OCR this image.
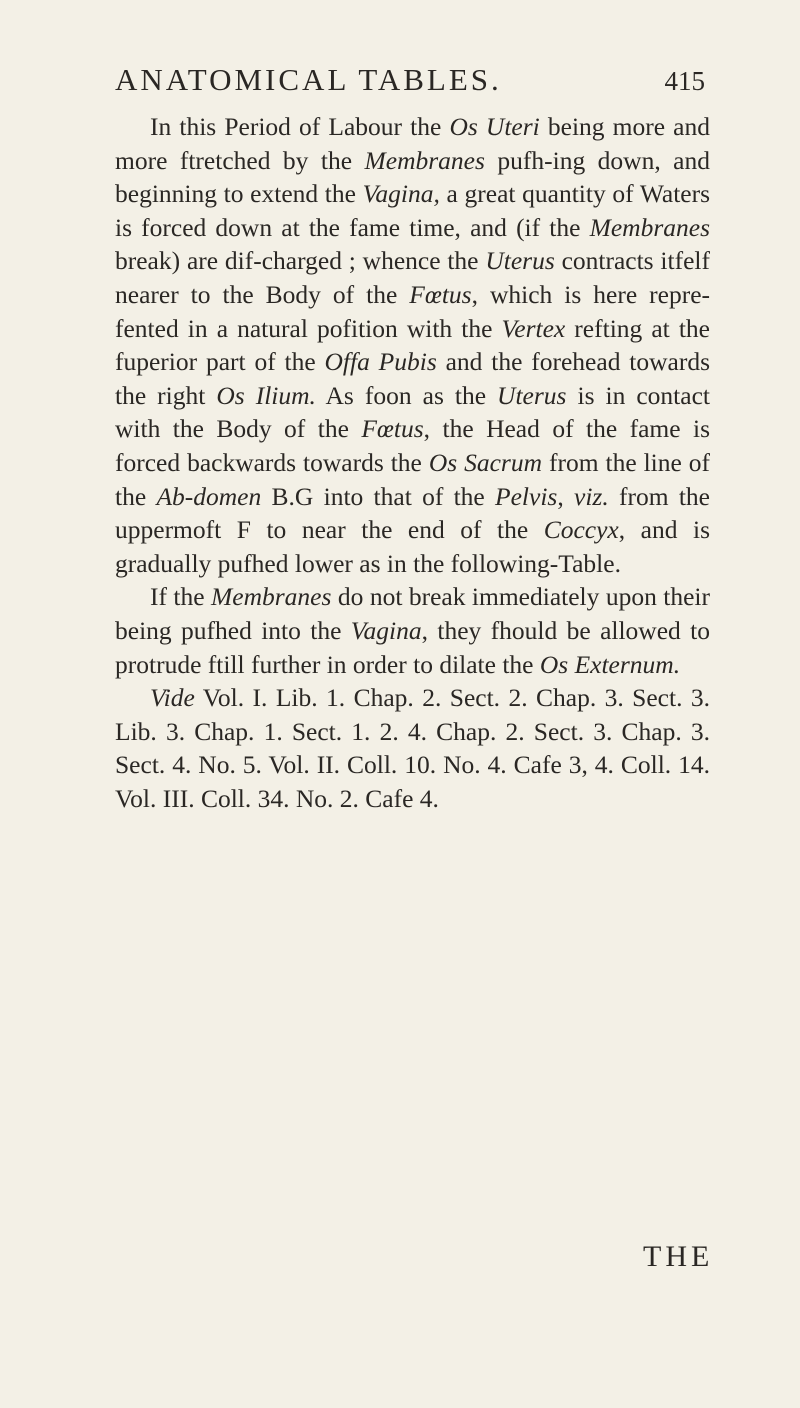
ANATOMICAL TABLES.	415

In this Period of Labour the Os Uteri being more and more ftretched by the Membranes pufh-ing down, and beginning to extend the Vagina, a great quantity of Waters is forced down at the fame time, and (if the Membranes break) are dif-charged ; whence the Uterus contracts itfelf nearer to the Body of the Fœtus, which is here repre-fented in a natural pofition with the Vertex refting at the fuperior part of the Offa Pubis and the forehead towards the right Os Ilium. As foon as the Uterus is in contact with the Body of the Fœtus, the Head of the fame is forced backwards towards the Os Sacrum from the line of the Ab-domen B.G into that of the Pelvis, viz. from the uppermoft F to near the end of the Coccyx, and is gradually pufhed lower as in the following-Table.

If the Membranes do not break immediately upon their being pufhed into the Vagina, they fhould be allowed to protrude ftill further in order to dilate the Os Externum.

Vide Vol. I. Lib. 1. Chap. 2. Sect. 2. Chap. 3. Sect. 3. Lib. 3. Chap. 1. Sect. 1. 2. 4. Chap. 2. Sect. 3. Chap. 3. Sect. 4. No. 5. Vol. II. Coll. 10. No. 4. Cafe 3, 4. Coll. 14. Vol. III. Coll. 34. No. 2. Cafe 4.

THE
